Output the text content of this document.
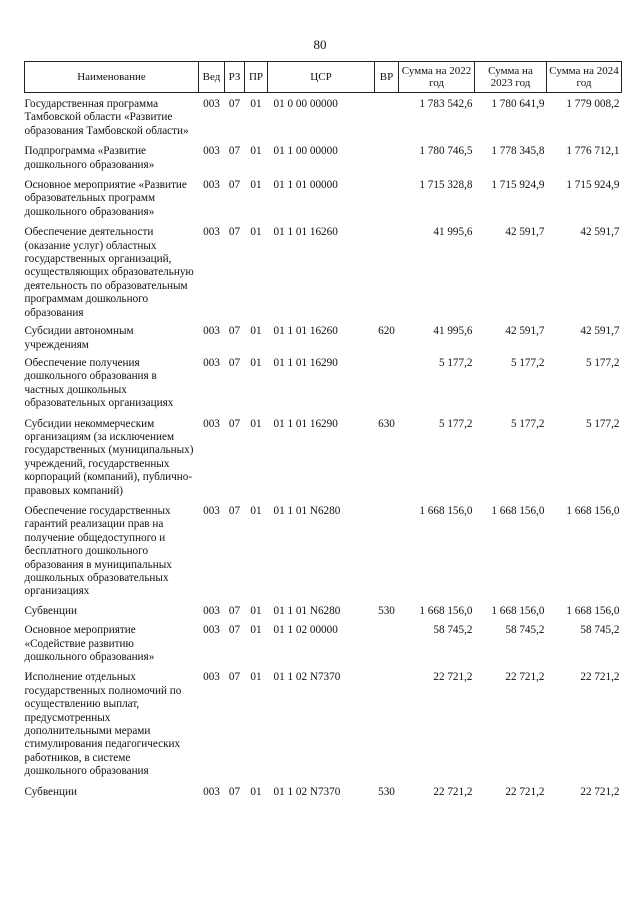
80
Наименование	Вед	РЗ	ПР	ЦСР	ВР	Сумма на 2022 год	Сумма на 2023 год	Сумма на 2024 год
Государственная программа Тамбовской области «Развитие образования Тамбовской области»	003	07	01	01 0 00 00000		1 783 542,6	1 780 641,9	1 779 008,2
Подпрограмма «Развитие дошкольного образования»	003	07	01	01 1 00 00000		1 780 746,5	1 778 345,8	1 776 712,1
Основное мероприятие «Развитие образовательных программ дошкольного образования»	003	07	01	01 1 01 00000		1 715 328,8	1 715 924,9	1 715 924,9
Обеспечение деятельности (оказание услуг) областных государственных организаций, осуществляющих образовательную деятельность по образовательным программам дошкольного образования	003	07	01	01 1 01 16260		41 995,6	42 591,7	42 591,7
Субсидии автономным учреждениям	003	07	01	01 1 01 16260	620	41 995,6	42 591,7	42 591,7
Обеспечение получения дошкольного образования в частных дошкольных образовательных организациях	003	07	01	01 1 01 16290		5 177,2	5 177,2	5 177,2
Субсидии некоммерческим организациям (за исключением государственных (муниципальных) учреждений, государственных корпораций (компаний), публично-правовых компаний)	003	07	01	01 1 01 16290	630	5 177,2	5 177,2	5 177,2
Обеспечение государственных гарантий реализации прав на получение общедоступного и бесплатного дошкольного образования в муниципальных дошкольных образовательных организациях	003	07	01	01 1 01 N6280		1 668 156,0	1 668 156,0	1 668 156,0
Субвенции	003	07	01	01 1 01 N6280	530	1 668 156,0	1 668 156,0	1 668 156,0
Основное мероприятие «Содействие развитию дошкольного образования»	003	07	01	01 1 02 00000		58 745,2	58 745,2	58 745,2
Исполнение отдельных государственных полномочий по осуществлению выплат, предусмотренных дополнительными мерами стимулирования педагогических работников, в системе дошкольного образования	003	07	01	01 1 02 N7370		22 721,2	22 721,2	22 721,2
Субвенции	003	07	01	01 1 02 N7370	530	22 721,2	22 721,2	22 721,2
